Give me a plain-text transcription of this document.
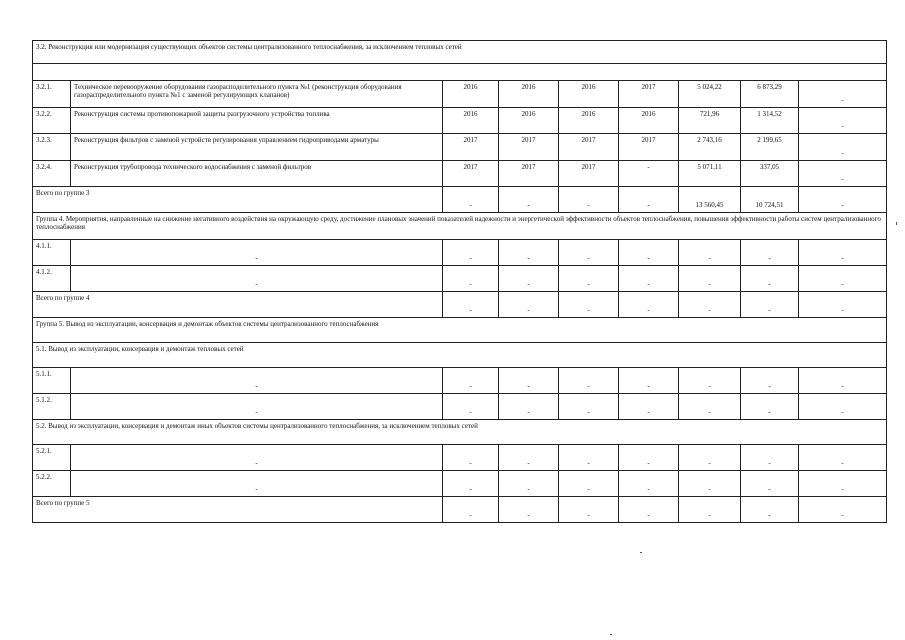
3.2. Реконструкция или модернизация существующих объектов системы централизованного теплоснабжения, за исключением тепловых сетей								

3.2.1.	Техническое перевооружение оборудования газорасподелительного пункта №1 (реконструкция оборудования газораспределительного пункта №1 с заменой регулирующих клапанов)	2016	2016	2016	2017	5 024,22	6 873,29	-
3.2.2.	Реконструкция системы противопожарной защиты разгрузочного устройства топлива	2016	2016	2016	2016	721,96	1 314,52	-
3.2.3.	Реконструкция фильтров с заменой устройств регулирования управлением гидроприводами арматуры	2017	2017	2017	2017	2 743,16	2 199,65	-
3.2.4.	Реконструкция трубопровода технического водоснабжения с заменой фильтров	2017	2017	2017	-	5 071,11	337,05	-
Всего по группе 3		-	-	-	-	13 560,45	10 724,51	-
Группа 4. Мероприятия, направленные на снижение негативного воздействия на окружающую среду, достижение плановых значений показателей надежности и энергетической эффективности объектов теплоснабжения, повышения эффективности работы систем централизованного теплоснабжения								
4.1.1.	-	-	-	-	-	-	-	-
4.1.2.	-	-	-	-	-	-	-	-
Всего по группе 4		-	-	-	-	-	-	-
Группа 5. Вывод из эксплуатации, консервация и демонтаж объектов системы централизованного теплоснабжения								
5.1. Вывод из эксплуатации, консервация и демонтаж тепловых сетей								
5.1.1.	-	-	-	-	-	-	-	-
5.1.2.	-	-	-	-	-	-	-	-
5.2. Вывод из эксплуатации, консервация и демонтаж иных объектов системы централизованного теплоснабжения, за исключением тепловых сетей								
5.2.1.	-	-	-	-	-	-	-	-
5.2.2.	-	-	-	-	-	-	-	-
Всего по группе 5		-	-	-	-	-	-	-
